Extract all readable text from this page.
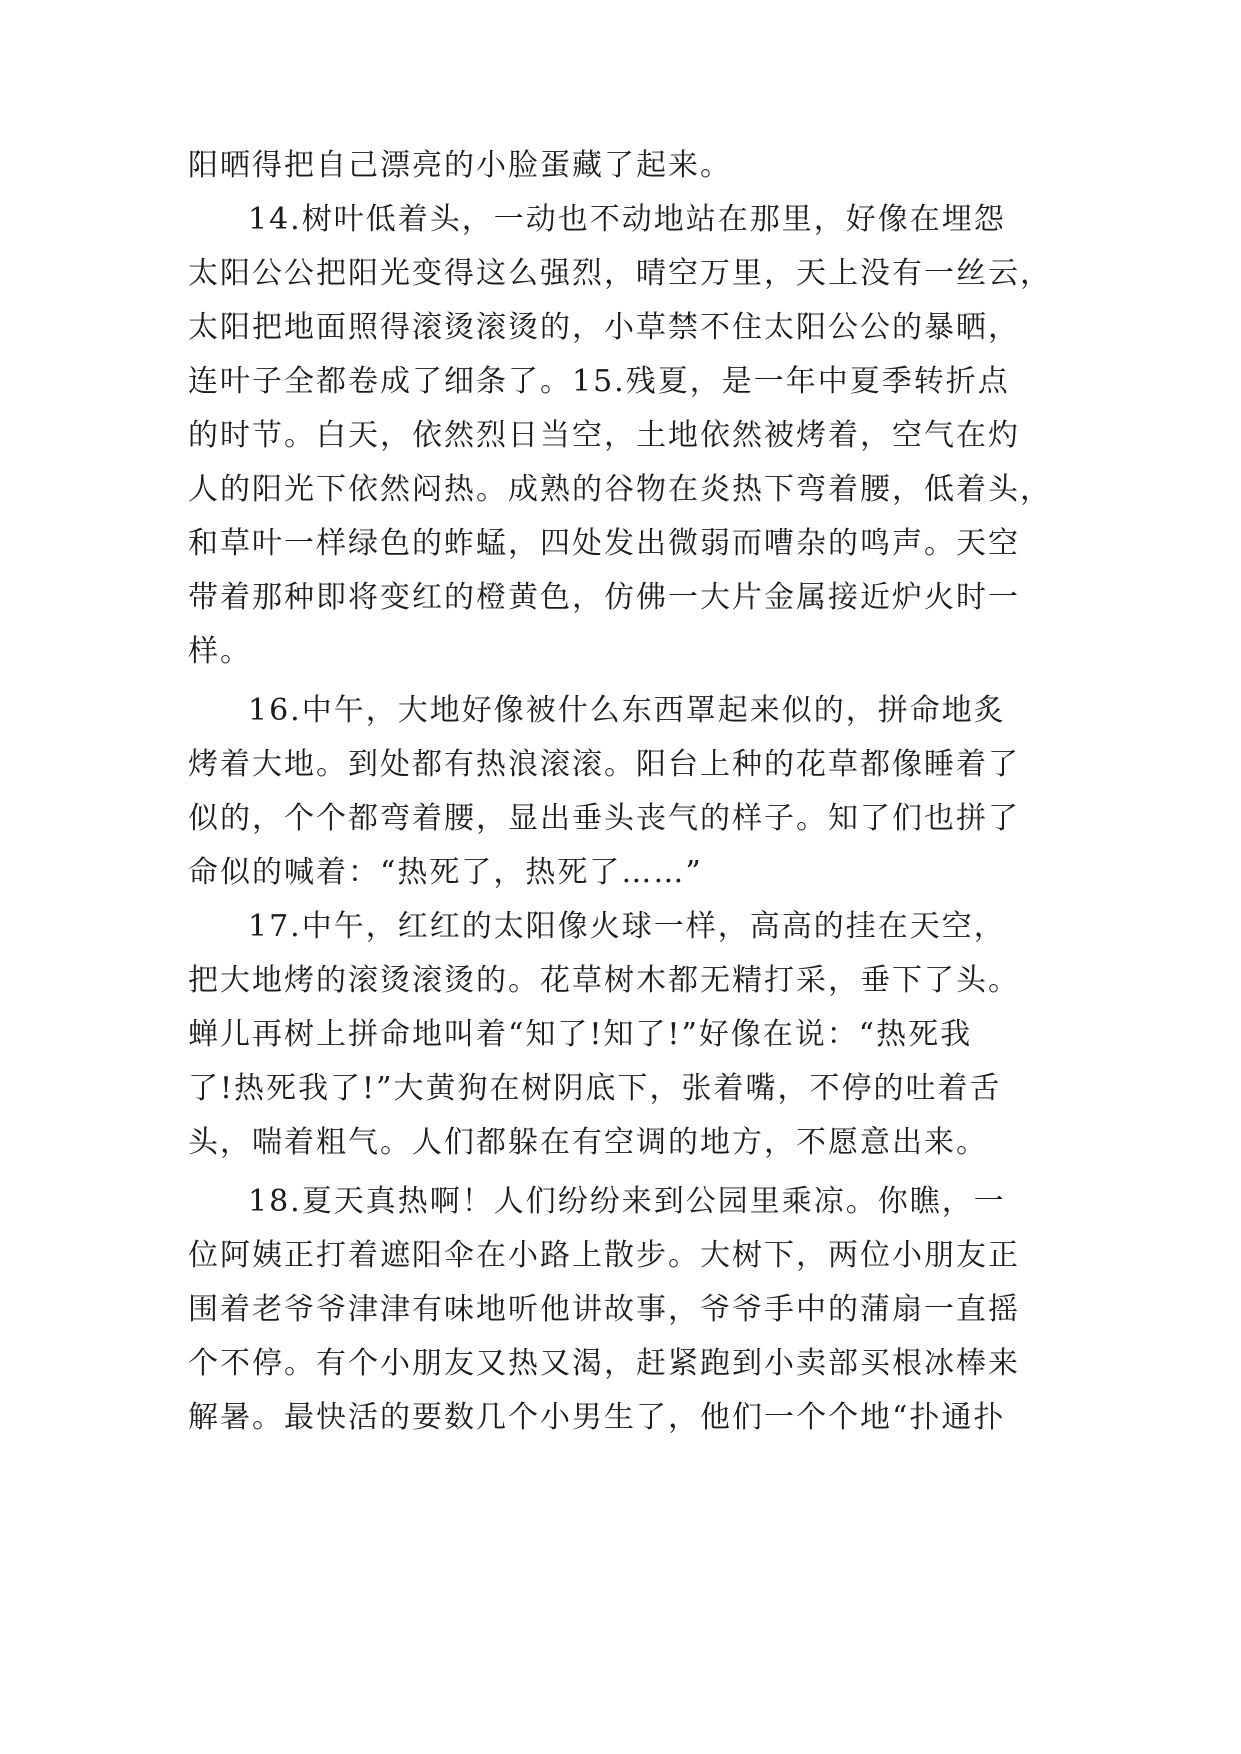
阳晒得把自己漂亮的小脸蛋藏了起来。
14.树叶低着头，一动也不动地站在那里，好像在埋怨
太阳公公把阳光变得这么强烈，晴空万里，天上没有一丝云，
太阳把地面照得滚烫滚烫的，小草禁不住太阳公公的暴晒，
连叶子全都卷成了细条了。15.残夏，是一年中夏季转折点
的时节。白天，依然烈日当空，土地依然被烤着，空气在灼
人的阳光下依然闷热。成熟的谷物在炎热下弯着腰，低着头，
和草叶一样绿色的蚱蜢，四处发出微弱而嘈杂的鸣声。天空
带着那种即将变红的橙黄色，仿佛一大片金属接近炉火时一
样。
16.中午，大地好像被什么东西罩起来似的，拼命地炙
烤着大地。到处都有热浪滚滚。阳台上种的花草都像睡着了
似的，个个都弯着腰，显出垂头丧气的样子。知了们也拼了
命似的喊着：“热死了，热死了……”
17.中午，红红的太阳像火球一样，高高的挂在天空，
把大地烤的滚烫滚烫的。花草树木都无精打采，垂下了头。
蝉儿再树上拼命地叫着“知了!知了!”好像在说：“热死我
了!热死我了!”大黄狗在树阴底下，张着嘴，不停的吐着舌
头，喘着粗气。人们都躲在有空调的地方，不愿意出来。
18.夏天真热啊！人们纷纷来到公园里乘凉。你瞧，一
位阿姨正打着遮阳伞在小路上散步。大树下，两位小朋友正
围着老爷爷津津有味地听他讲故事，爷爷手中的蒲扇一直摇
个不停。有个小朋友又热又渴，赶紧跑到小卖部买根冰棒来
解暑。最快活的要数几个小男生了，他们一个个地“扑通扑
